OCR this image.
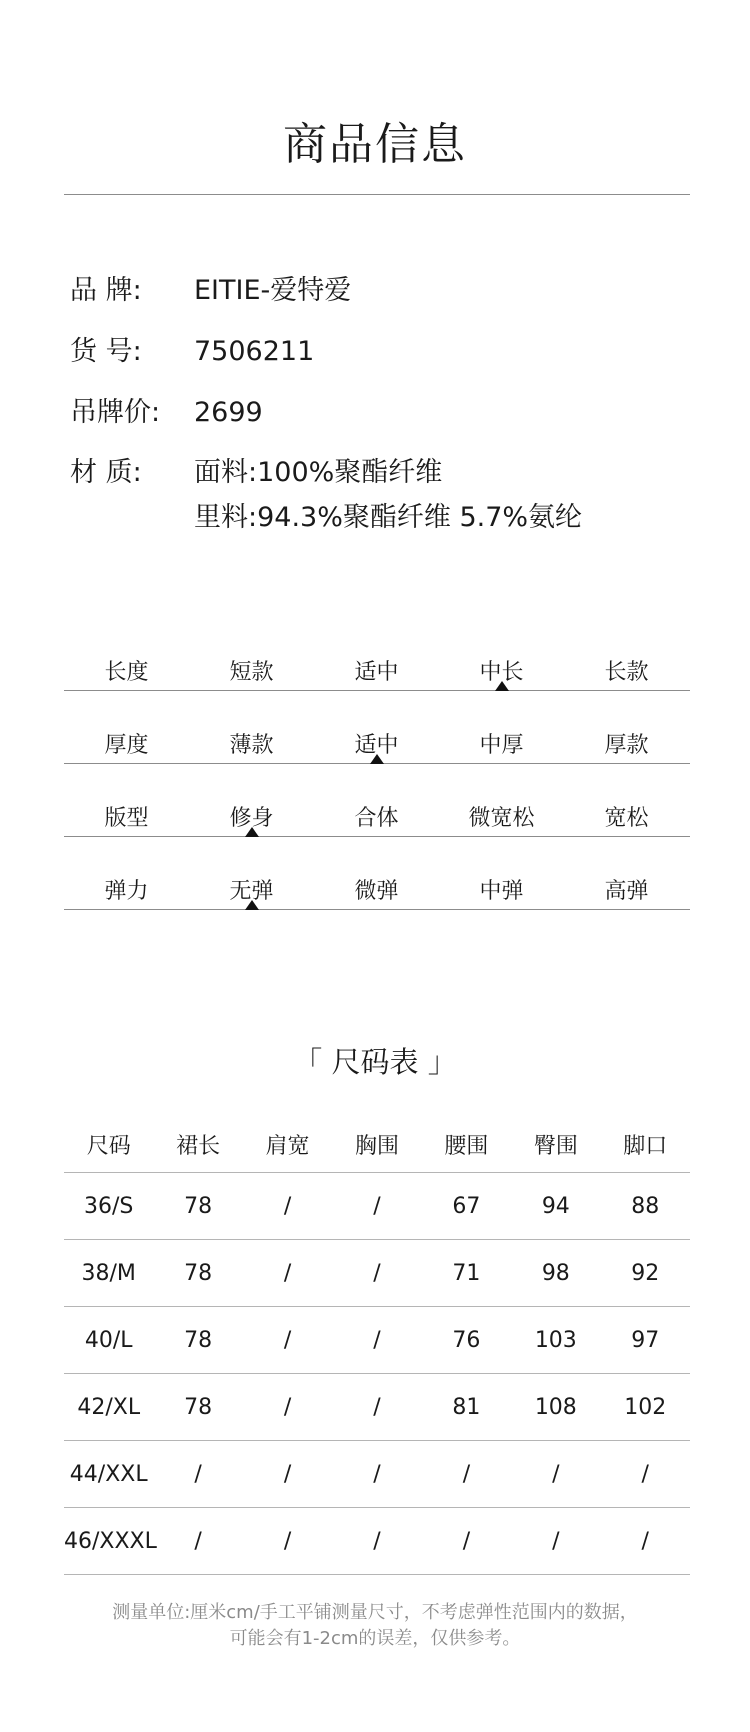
商品信息
品 牌:	EITIE-爱特爱
货 号:	7506211
吊牌价:	2699
材 质:	面料:100%聚酯纤维
里料:94.3%聚酯纤维 5.7%氨纶
长度	短款	适中	中长	长款
厚度	薄款	适中	中厚	厚款
版型	修身	合体	微宽松	宽松
弹力	无弹	微弹	中弹	高弹
「 尺码表 」
尺码	裙长	肩宽	胸围	腰围	臀围	脚口
36/S	78	/	/	67	94	88
38/M	78	/	/	71	98	92
40/L	78	/	/	76	103	97
42/XL	78	/	/	81	108	102
44/XXL	/	/	/	/	/	/
46/XXXL	/	/	/	/	/	/
测量单位:厘米cm/手工平铺测量尺寸，不考虑弹性范围内的数据，
可能会有1-2cm的误差，仅供参考。
